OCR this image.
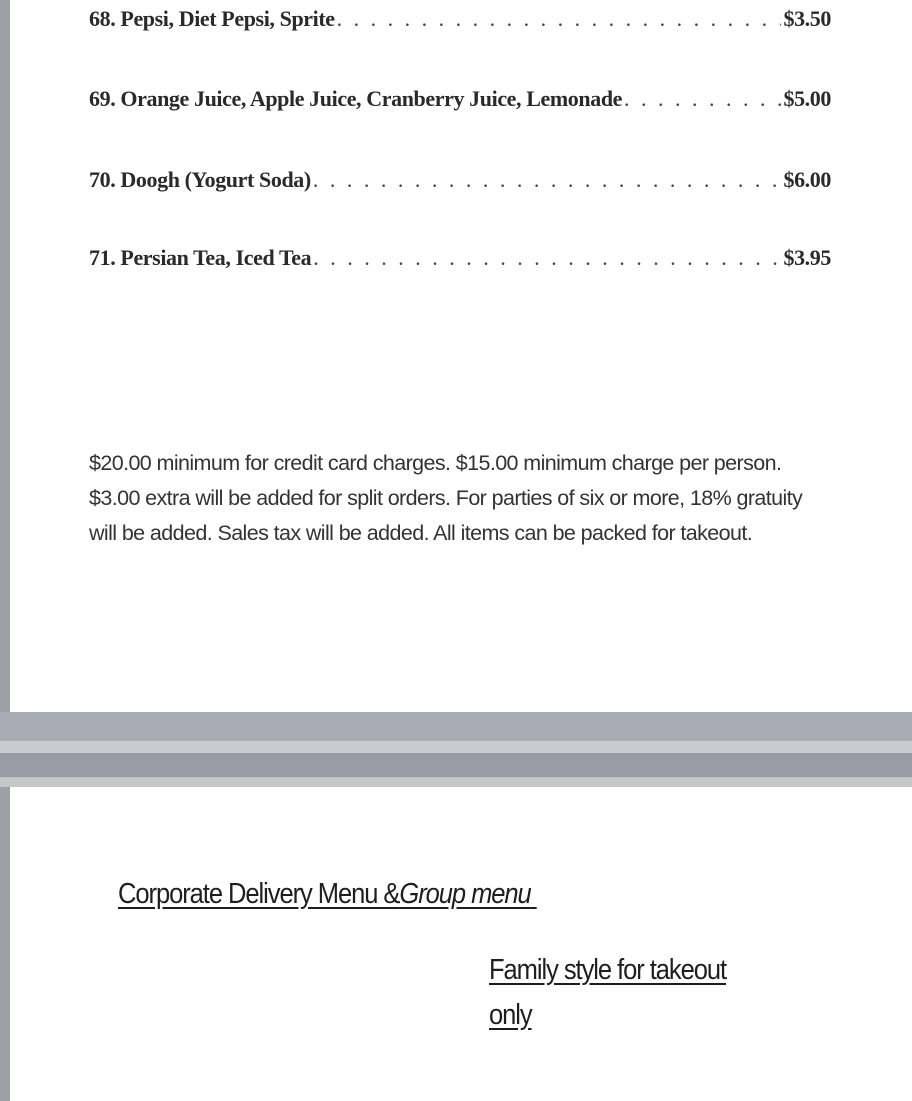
68. Pepsi, Diet Pepsi, Sprite . . .	$3.50
69. Orange Juice, Apple Juice, Cranberry Juice, Lemonade . . .	$5.00
70. Doogh (Yogurt Soda) . . .	$6.00
71. Persian Tea, Iced Tea . . .	$3.95
$20.00 minimum for credit card charges. $15.00 minimum charge per person.
$3.00 extra will be added for split orders. For parties of six or more, 18% gratuity
will be added. Sales tax will be added. All items can be packed for takeout.
Corporate Delivery Menu &Group menu
Family style for takeout
only
